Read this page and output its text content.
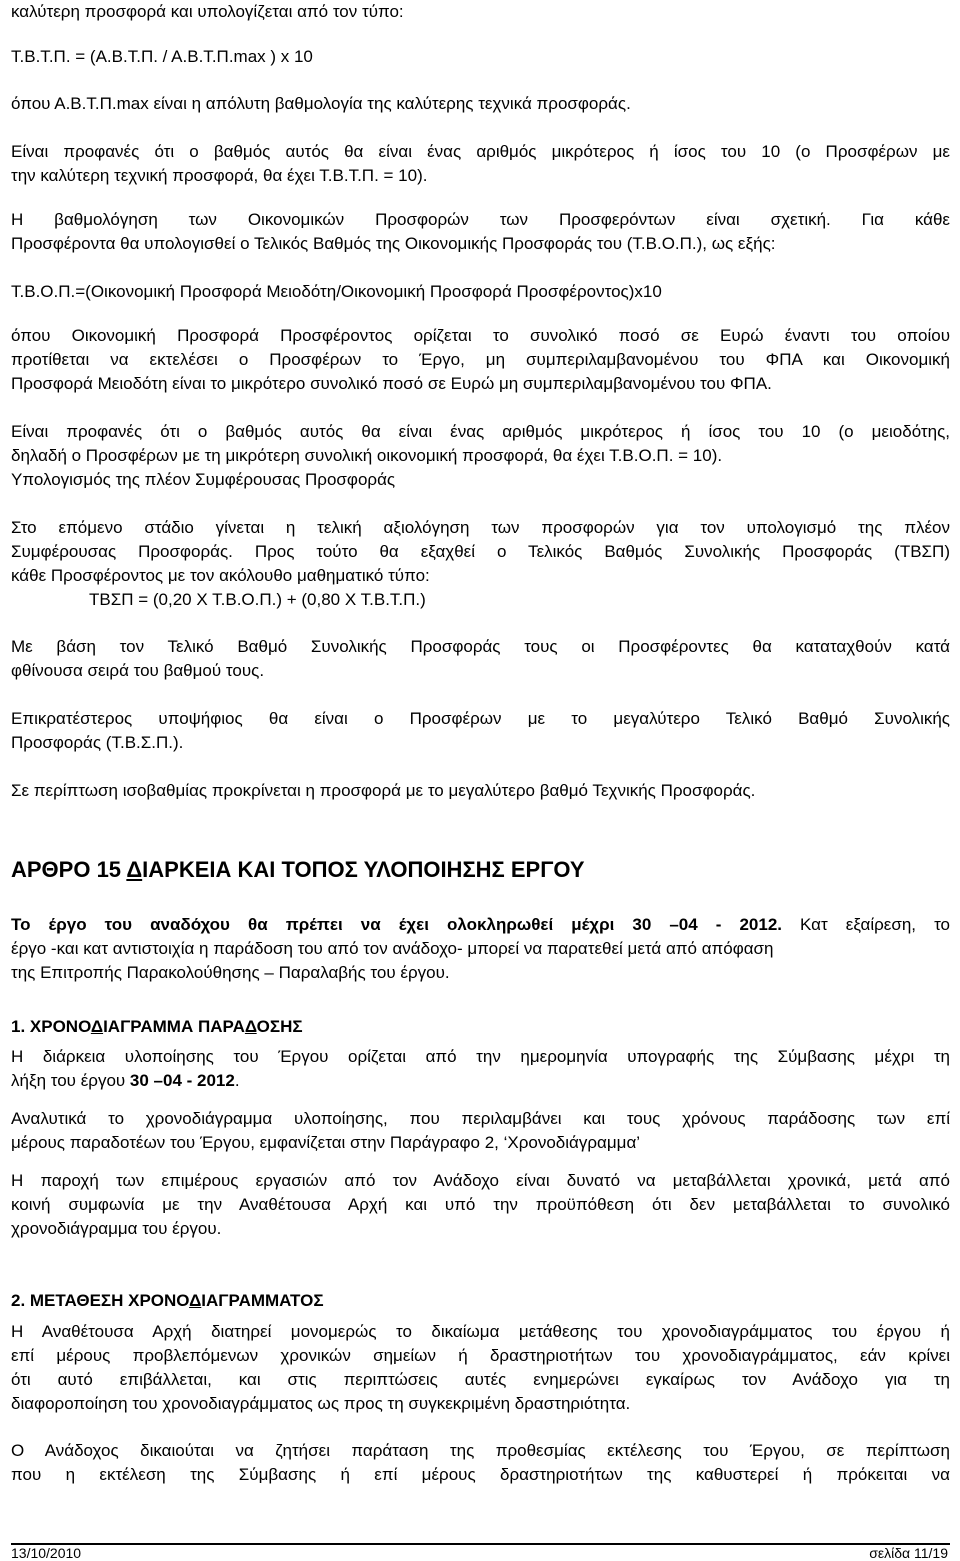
καλύτερη προσφορά και υπολογίζεται από τον τύπο:
Τ.Β.Τ.Π. = (Α.Β.Τ.Π. / Α.Β.Τ.Π.max ) x 10
όπου Α.Β.Τ.Π.max είναι η απόλυτη βαθμολογία της καλύτερης τεχνικά προσφοράς.
Είναι προφανές ότι ο βαθμός αυτός θα είναι ένας αριθμός μικρότερος ή ίσος του 10 (ο Προσφέρων με
την καλύτερη τεχνική προσφορά, θα έχει Τ.Β.Τ.Π. = 10).
Η βαθμολόγηση των Οικονομικών Προσφορών των Προσφερόντων είναι σχετική. Για κάθε
Προσφέροντα θα υπολογισθεί ο Τελικός Βαθμός της Οικονομικής Προσφοράς του (Τ.Β.Ο.Π.), ως εξής:
Τ.Β.Ο.Π.=(Οικονομική Προσφορά Μειοδότη/Οικονομική Προσφορά Προσφέροντος)x10
όπου Οικονομική Προσφορά Προσφέροντος ορίζεται το συνολικό ποσό σε Ευρώ έναντι του οποίου
προτίθεται να εκτελέσει ο Προσφέρων το Έργο, μη συμπεριλαμβανομένου του ΦΠΑ και Οικονομική
Προσφορά Μειοδότη είναι το μικρότερο συνολικό ποσό σε Ευρώ μη συμπεριλαμβανομένου του ΦΠΑ.
Είναι προφανές ότι ο βαθμός αυτός θα είναι ένας αριθμός μικρότερος ή ίσος του 10 (ο μειοδότης,
δηλαδή ο Προσφέρων με τη μικρότερη συνολική οικονομική προσφορά, θα έχει Τ.Β.Ο.Π. = 10).
Υπολογισμός της πλέον Συμφέρουσας Προσφοράς
Στο επόμενο στάδιο γίνεται η τελική αξιολόγηση των προσφορών για τον υπολογισμό της πλέον
Συμφέρουσας Προσφοράς. Προς τούτο θα εξαχθεί ο Τελικός Βαθμός Συνολικής Προσφοράς (ΤΒΣΠ)
κάθε Προσφέροντος με τον ακόλουθο μαθηματικό τύπο:
ΤΒΣΠ = (0,20 Χ Τ.Β.Ο.Π.) + (0,80 Χ Τ.Β.Τ.Π.)
Με βάση τον Τελικό Βαθμό Συνολικής Προσφοράς τους οι Προσφέροντες θα καταταχθούν κατά
φθίνουσα σειρά του βαθμού τους.
Επικρατέστερος υποψήφιος θα είναι ο Προσφέρων με το μεγαλύτερο Τελικό Βαθμό Συνολικής
Προσφοράς (Τ.Β.Σ.Π.).
Σε περίπτωση ισοβαθμίας προκρίνεται η προσφορά με το μεγαλύτερο βαθμό Τεχνικής Προσφοράς.
ΑΡΘΡΟ 15 ΔΙΑΡΚΕΙΑ ΚΑΙ ΤΟΠΟΣ ΥΛΟΠΟΙΗΣΗΣ ΕΡΓΟΥ
Το έργο του αναδόχου θα πρέπει να έχει ολοκληρωθεί μέχρι 30 –04 - 2012. Κατ εξαίρεση, το
έργο -και κατ αντιστοιχία η παράδοση του από τον ανάδοχο- μπορεί να παρατεθεί μετά από απόφαση
της Επιτροπής Παρακολούθησης – Παραλαβής του έργου.
1. ΧΡΟΝΟΔΙΑΓΡΑΜΜΑ ΠΑΡΑΔΟΣΗΣ
Η διάρκεια υλοποίησης του Έργου ορίζεται από την ημερομηνία υπογραφής της Σύμβασης μέχρι τη
λήξη του έργου 30 –04 - 2012.
Αναλυτικά το χρονοδιάγραμμα υλοποίησης, που περιλαμβάνει και τους χρόνους παράδοσης των επί
μέρους παραδοτέων του Έργου, εμφανίζεται στην Παράγραφο 2, ‘Χρονοδιάγραμμα’
Η παροχή των επιμέρους εργασιών από τον Ανάδοχο είναι δυνατό να μεταβάλλεται χρονικά, μετά από
κοινή συμφωνία με την Αναθέτουσα Αρχή και υπό την προϋπόθεση ότι δεν μεταβάλλεται το συνολικό
χρονοδιάγραμμα του έργου.
2. ΜΕΤΑΘΕΣΗ ΧΡΟΝΟΔΙΑΓΡΑΜΜΑΤΟΣ
Η Αναθέτουσα Αρχή διατηρεί μονομερώς το δικαίωμα μετάθεσης του χρονοδιαγράμματος του έργου ή
επί μέρους προβλεπόμενων χρονικών σημείων ή δραστηριοτήτων του χρονοδιαγράμματος, εάν κρίνει
ότι αυτό επιβάλλεται, και στις περιπτώσεις αυτές ενημερώνει εγκαίρως τον Ανάδοχο για τη
διαφοροποίηση του χρονοδιαγράμματος ως προς τη συγκεκριμένη δραστηριότητα.
Ο Ανάδοχος δικαιούται να ζητήσει παράταση της προθεσμίας εκτέλεσης του Έργου, σε περίπτωση
που η εκτέλεση της Σύμβασης ή επί μέρους δραστηριοτήτων της καθυστερεί ή πρόκειται να
13/10/2010	σελίδα 11/19
